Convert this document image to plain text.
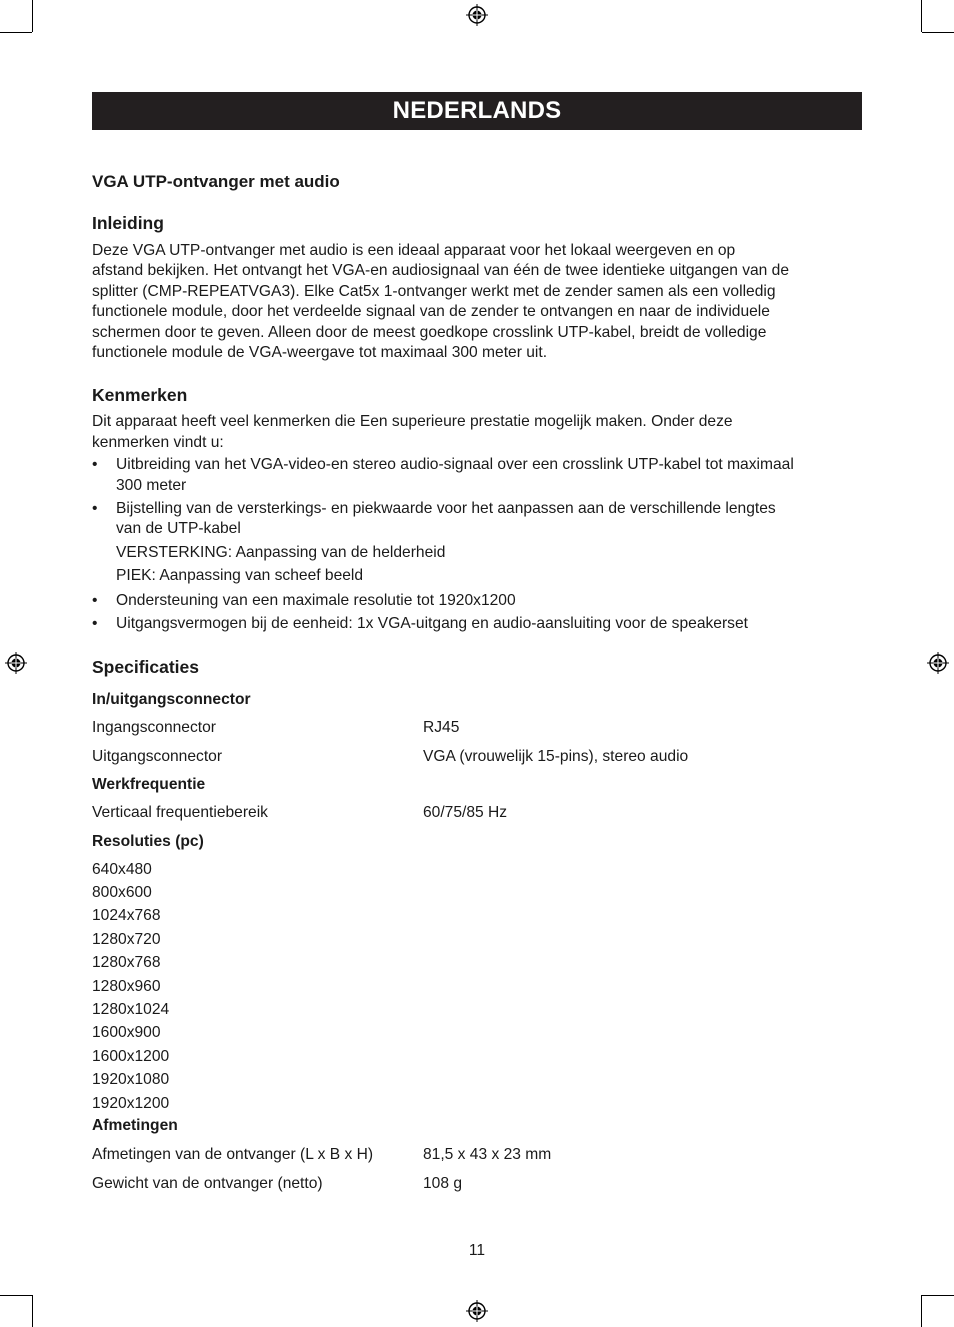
NEDERLANDS
VGA UTP-ontvanger met audio
Inleiding
Deze VGA UTP-ontvanger met audio is een ideaal apparaat voor het lokaal weergeven en op
afstand bekijken. Het ontvangt het VGA-en audiosignaal van één de twee identieke uitgangen van de
splitter (CMP-REPEATVGA3). Elke Cat5x 1-ontvanger werkt met de zender samen als een volledig
functionele module, door het verdeelde signaal van de zender te ontvangen en naar de individuele
schermen door te geven. Alleen door de meest goedkope crosslink UTP-kabel, breidt de volledige
functionele module de VGA-weergave tot maximaal 300 meter uit.
Kenmerken
Dit apparaat heeft veel kenmerken die Een superieure prestatie mogelijk maken. Onder deze
kenmerken vindt u:
• Uitbreiding van het VGA-video-en stereo audio-signaal over een crosslink UTP-kabel tot maximaal
300 meter
• Bijstelling van de versterkings- en piekwaarde voor het aanpassen aan de verschillende lengtes
van de UTP-kabel
VERSTERKING: Aanpassing van de helderheid
PIEK: Aanpassing van scheef beeld
• Ondersteuning van een maximale resolutie tot 1920x1200
• Uitgangsvermogen bij de eenheid: 1x VGA-uitgang en audio-aansluiting voor de speakerset
Specificaties
In/uitgangsconnector
Ingangsconnector	RJ45
Uitgangsconnector	VGA (vrouwelijk 15-pins), stereo audio
Werkfrequentie
Verticaal frequentiebereik	60/75/85 Hz
Resoluties (pc)
640x480
800x600
1024x768
1280x720
1280x768
1280x960
1280x1024
1600x900
1600x1200
1920x1080
1920x1200
Afmetingen
Afmetingen van de ontvanger (L x B x H)	81,5 x 43 x 23 mm
Gewicht van de ontvanger (netto)	108 g
11
